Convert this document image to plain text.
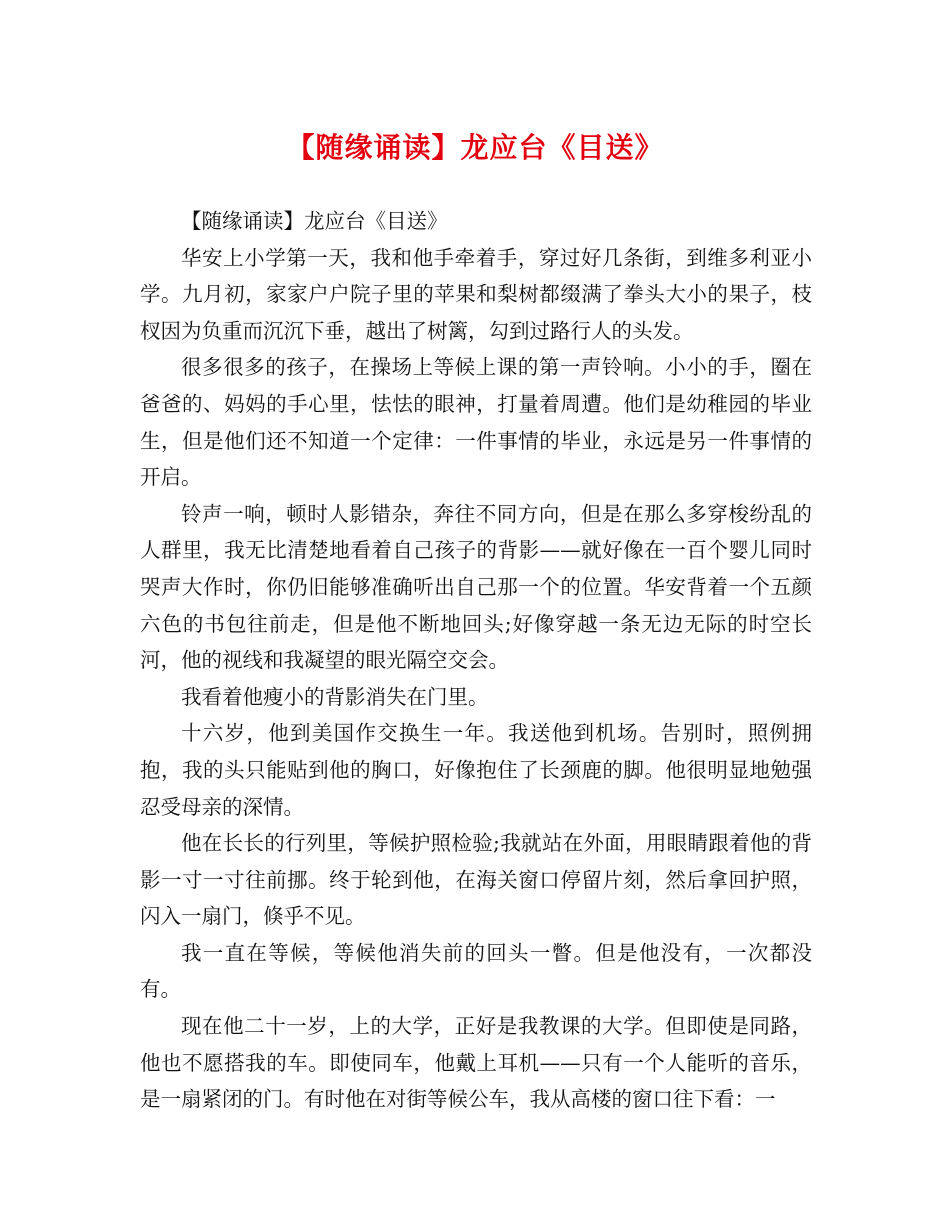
【随缘诵读】龙应台《目送》

【随缘诵读】龙应台《目送》

华安上小学第一天，我和他手牵着手，穿过好几条街，到维多利亚小学。九月初，家家户户院子里的苹果和梨树都缀满了拳头大小的果子，枝杈因为负重而沉沉下垂，越出了树篱，勾到过路行人的头发。

很多很多的孩子，在操场上等候上课的第一声铃响。小小的手，圈在爸爸的、妈妈的手心里，怯怯的眼神，打量着周遭。他们是幼稚园的毕业生，但是他们还不知道一个定律：一件事情的毕业，永远是另一件事情的开启。

铃声一响，顿时人影错杂，奔往不同方向，但是在那么多穿梭纷乱的人群里，我无比清楚地看着自己孩子的背影——就好像在一百个婴儿同时哭声大作时，你仍旧能够准确听出自己那一个的位置。华安背着一个五颜六色的书包往前走，但是他不断地回头;好像穿越一条无边无际的时空长河，他的视线和我凝望的眼光隔空交会。

我看着他瘦小的背影消失在门里。

十六岁，他到美国作交换生一年。我送他到机场。告别时，照例拥抱，我的头只能贴到他的胸口，好像抱住了长颈鹿的脚。他很明显地勉强忍受母亲的深情。

他在长长的行列里，等候护照检验;我就站在外面，用眼睛跟着他的背影一寸一寸往前挪。终于轮到他，在海关窗口停留片刻，然后拿回护照，闪入一扇门，倏乎不见。

我一直在等候，等候他消失前的回头一瞥。但是他没有，一次都没有。

现在他二十一岁，上的大学，正好是我教课的大学。但即使是同路，他也不愿搭我的车。即使同车，他戴上耳机——只有一个人能听的音乐，是一扇紧闭的门。有时他在对街等候公车，我从高楼的窗口往下看：一
